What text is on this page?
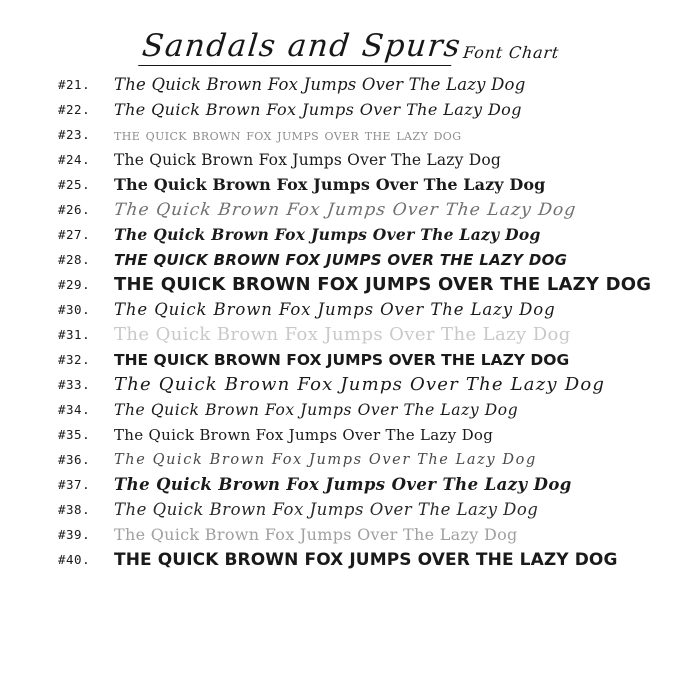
Sandals and Spurs Font Chart
#21.	The Quick Brown Fox Jumps Over The Lazy Dog
#22.	The Quick Brown Fox Jumps Over The Lazy Dog
#23.	the quick brown fox jumps over the lazy dog
#24.	The Quick Brown Fox Jumps Over The Lazy Dog
#25.	The Quick Brown Fox Jumps Over The Lazy Dog
#26.	The Quick Brown Fox Jumps Over The Lazy Dog
#27.	The Quick Brown Fox Jumps Over The Lazy Dog
#28.	THE QUICK BROWN FOX JUMPS OVER THE LAZY DOG
#29.	THE QUICK BROWN FOX JUMPS OVER THE LAZY DOG
#30.	The Quick Brown Fox Jumps Over The Lazy Dog
#31.	The Quick Brown Fox Jumps Over The Lazy Dog
#32.	THE QUICK BROWN FOX JUMPS OVER THE LAZY DOG
#33.	The Quick Brown Fox Jumps Over The Lazy Dog
#34.	The Quick Brown Fox Jumps Over The Lazy Dog
#35.	The Quick Brown Fox Jumps Over The Lazy Dog
#36.	The Quick Brown Fox Jumps Over The Lazy Dog
#37.	The Quick Brown Fox Jumps Over The Lazy Dog
#38.	The Quick Brown Fox Jumps Over The Lazy Dog
#39.	The Quick Brown Fox Jumps Over The Lazy Dog
#40.	THE QUICK BROWN FOX JUMPS OVER THE LAZY DOG
